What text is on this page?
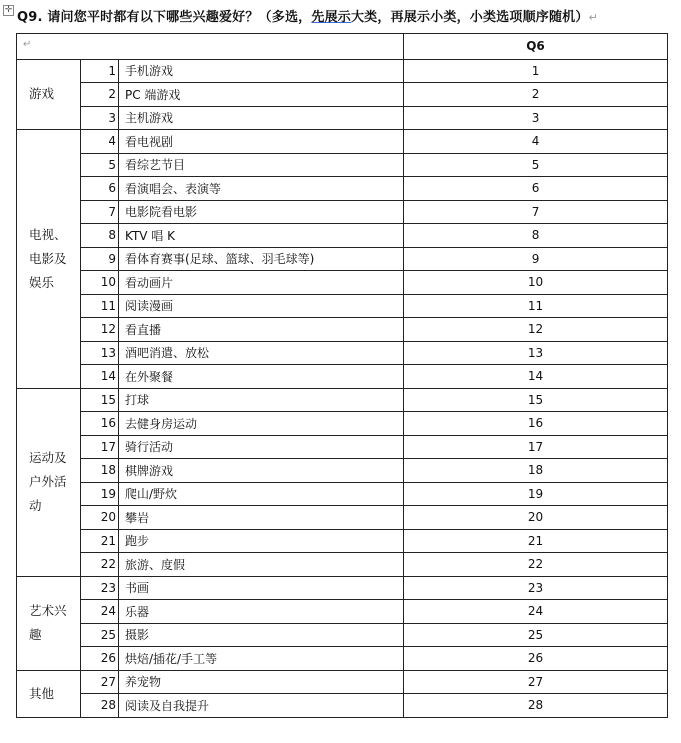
✛ Q9. 请问您平时都有以下哪些兴趣爱好？（多选，先展示大类，再展示小类，小类选项顺序随机）↵
↵			Q6
游戏	1	手机游戏	1
	2	PC 端游戏	2
	3	主机游戏	3
电视、
电影及
娱乐	4	看电视剧	4
	5	看综艺节目	5
	6	看演唱会、表演等	6
	7	电影院看电影	7
	8	KTV 唱 K	8
	9	看体育赛事(足球、篮球、羽毛球等)	9
	10	看动画片	10
	11	阅读漫画	11
	12	看直播	12
	13	酒吧消遣、放松	13
	14	在外聚餐	14
运动及
户外活
动	15	打球	15
	16	去健身房运动	16
	17	骑行活动	17
	18	棋牌游戏	18
	19	爬山/野炊	19
	20	攀岩	20
	21	跑步	21
	22	旅游、度假	22
艺术兴
趣	23	书画	23
	24	乐器	24
	25	摄影	25
	26	烘焙/插花/手工等	26
其他	27	养宠物	27
	28	阅读及自我提升	28
